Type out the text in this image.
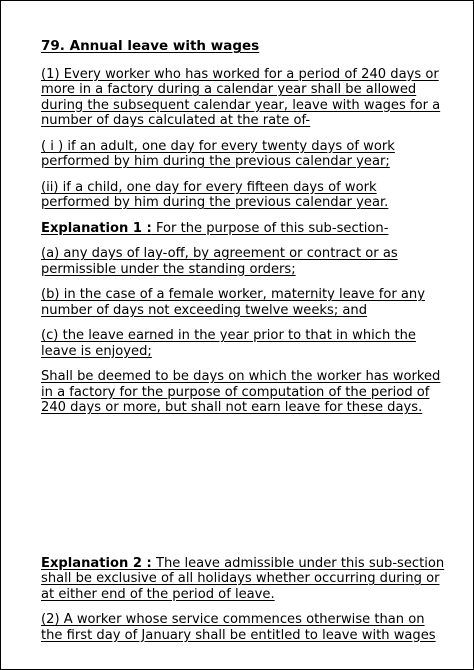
79. Annual leave with wages

(1) Every worker who has worked for a period of 240 days or
more in a factory during a calendar year shall be allowed
during the subsequent calendar year, leave with wages for a
number of days calculated at the rate of-

( i ) if an adult, one day for every twenty days of work
performed by him during the previous calendar year;

(ii) if a child, one day for every fifteen days of work
performed by him during the previous calendar year.

Explanation 1 : For the purpose of this sub-section-

(a) any days of lay-off, by agreement or contract or as
permissible under the standing orders;

(b) in the case of a female worker, maternity leave for any
number of days not exceeding twelve weeks; and

(c) the leave earned in the year prior to that in which the
leave is enjoyed;

Shall be deemed to be days on which the worker has worked
in a factory for the purpose of computation of the period of
240 days or more, but shall not earn leave for these days.

Explanation 2 : The leave admissible under this sub-section
shall be exclusive of all holidays whether occurring during or
at either end of the period of leave.

(2) A worker whose service commences otherwise than on
the first day of January shall be entitled to leave with wages
